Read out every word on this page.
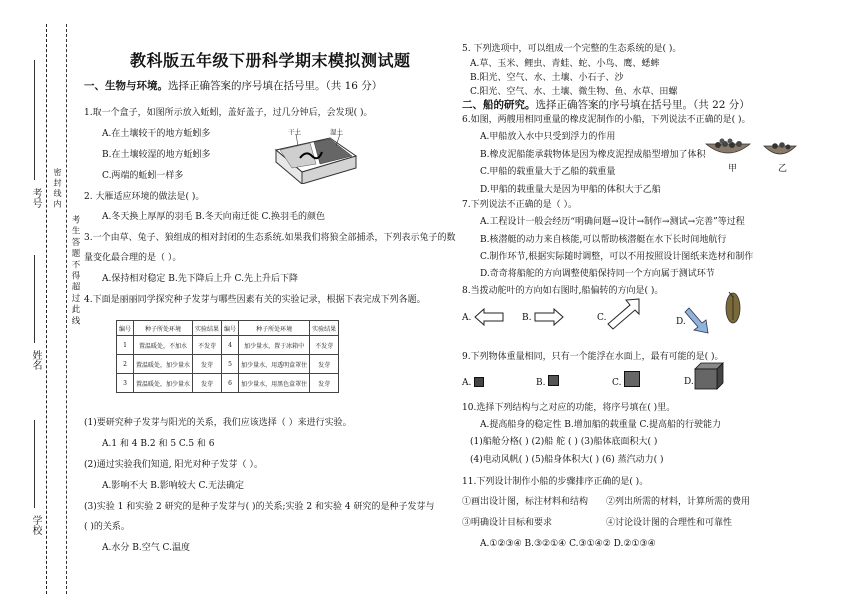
考号
姓名
学校
考 生 答 题 不 得 超 过 此 线
密 封 线 内
教科版五年级下册科学期末模拟测试题
一、生物与环境。选择正确答案的序号填在括号里。（共 16 分）
1.取一个盒子，如图所示放入蚯蚓，盖好盖子，过几分钟后，会发现( )。
A.在土壤较干的地方蚯蚓多
B.在土壤较湿的地方蚯蚓多
C.两端的蚯蚓一样多
干土	湿土
2. 大雁适应环境的做法是( )。
A.冬天换上厚厚的羽毛 B.冬天向南迁徙 C.换羽毛的颜色
3.一个由草、兔子、狼组成的相对封闭的生态系统.如果我们将狼全部捕杀，下列表示兔子的数
量变化最合理的是（ ）。
A.保持相对稳定 B.先下降后上升 C.先上升后下降
4.下面是丽丽同学探究种子发芽与哪些因素有关的实验记录，根据下表完成下列各题。
编号	种子所处环境	实验结果	编号	种子所处环境	实验结果
1	置温暖处，不加水	不发芽	4	加少量水，置于冰箱中	不发芽
2	置温暖处，加少量水	发芽	5	加少量水，用透明盒罩住	发芽
3	置温暖处，加少量水	发芽	6	加少量水，用黑色盒罩住	发芽
(1)要研究种子发芽与阳光的关系，我们应该选择（ ）来进行实验。
A.1 和 4 B.2 和 5 C.5 和 6
(2)通过实验我们知道, 阳光对种子发芽（ ）。
A.影响不大 B.影响较大 C.无法确定
(3)实验 1 和实验 2 研究的是种子发芽与( )的关系;实验 2 和实验 4 研究的是种子发芽与
( )的关系。
A.水分 B.空气 C.温度
5. 下列选项中，可以组成一个完整的生态系统的是( )。
A.草、玉米、鲤虫、青蛙、蛇、小鸟、鹰、蟋蟀
B.阳光、空气、水、土壤、小石子、沙
C.阳光、空气、水、土壤、微生物、鱼、水草、田螺
二、船的研究。选择正确答案的序号填在括号里。（共 22 分）
6.如图，两艘用相同重量的橡皮泥制作的小船，下列说法不正确的是( )。
A.甲船放入水中只受到浮力的作用
B.橡皮泥船能承载物体是因为橡皮泥捏成船型增加了体积
C.甲船的载重量大于乙船的载重量
D.甲船的载重量大是因为甲船的体积大于乙船
甲	乙
7.下列说法不正确的是（ ）。
A.工程设计一般会经历“明确问题→设计→制作→测试→完善”等过程
B.核潜艇的动力来自核能,可以帮助核潜艇在水下长时间地航行
C.制作环节,根据实际随时调整，可以不用按照设计图纸来选材和制作
D.奇奇将船舵的方向调整使船保持同一个方向属于测试环节
8.当拨动舵叶的方向如右图时,船偏转的方向是( )。
A.	B.	C.	D.
9.下列物体重量相同，只有一个能浮在水面上，最有可能的是( )。
A.	B.	C.	D.
10.选择下列结构与之对应的功能，将序号填在( )里。
A.提高船身的稳定性 B.增加船的载重量 C.提高船的行驶能力
(1)船舱分格( ) (2)船 舵 ( ) (3)船体底面积大( )
(4)电动风帆( ) (5)船身体积大( ) (6) 蒸汽动力( )
11.下列设计制作小船的步骤排序正确的是( )。
①画出设计图，标注材料和结构 ②列出所需的材料，计算所需的费用
③明确设计目标和要求	④讨论设计图的合理性和可靠性
A.①②③④ B.③②①④ C.③①④② D.②①③④
